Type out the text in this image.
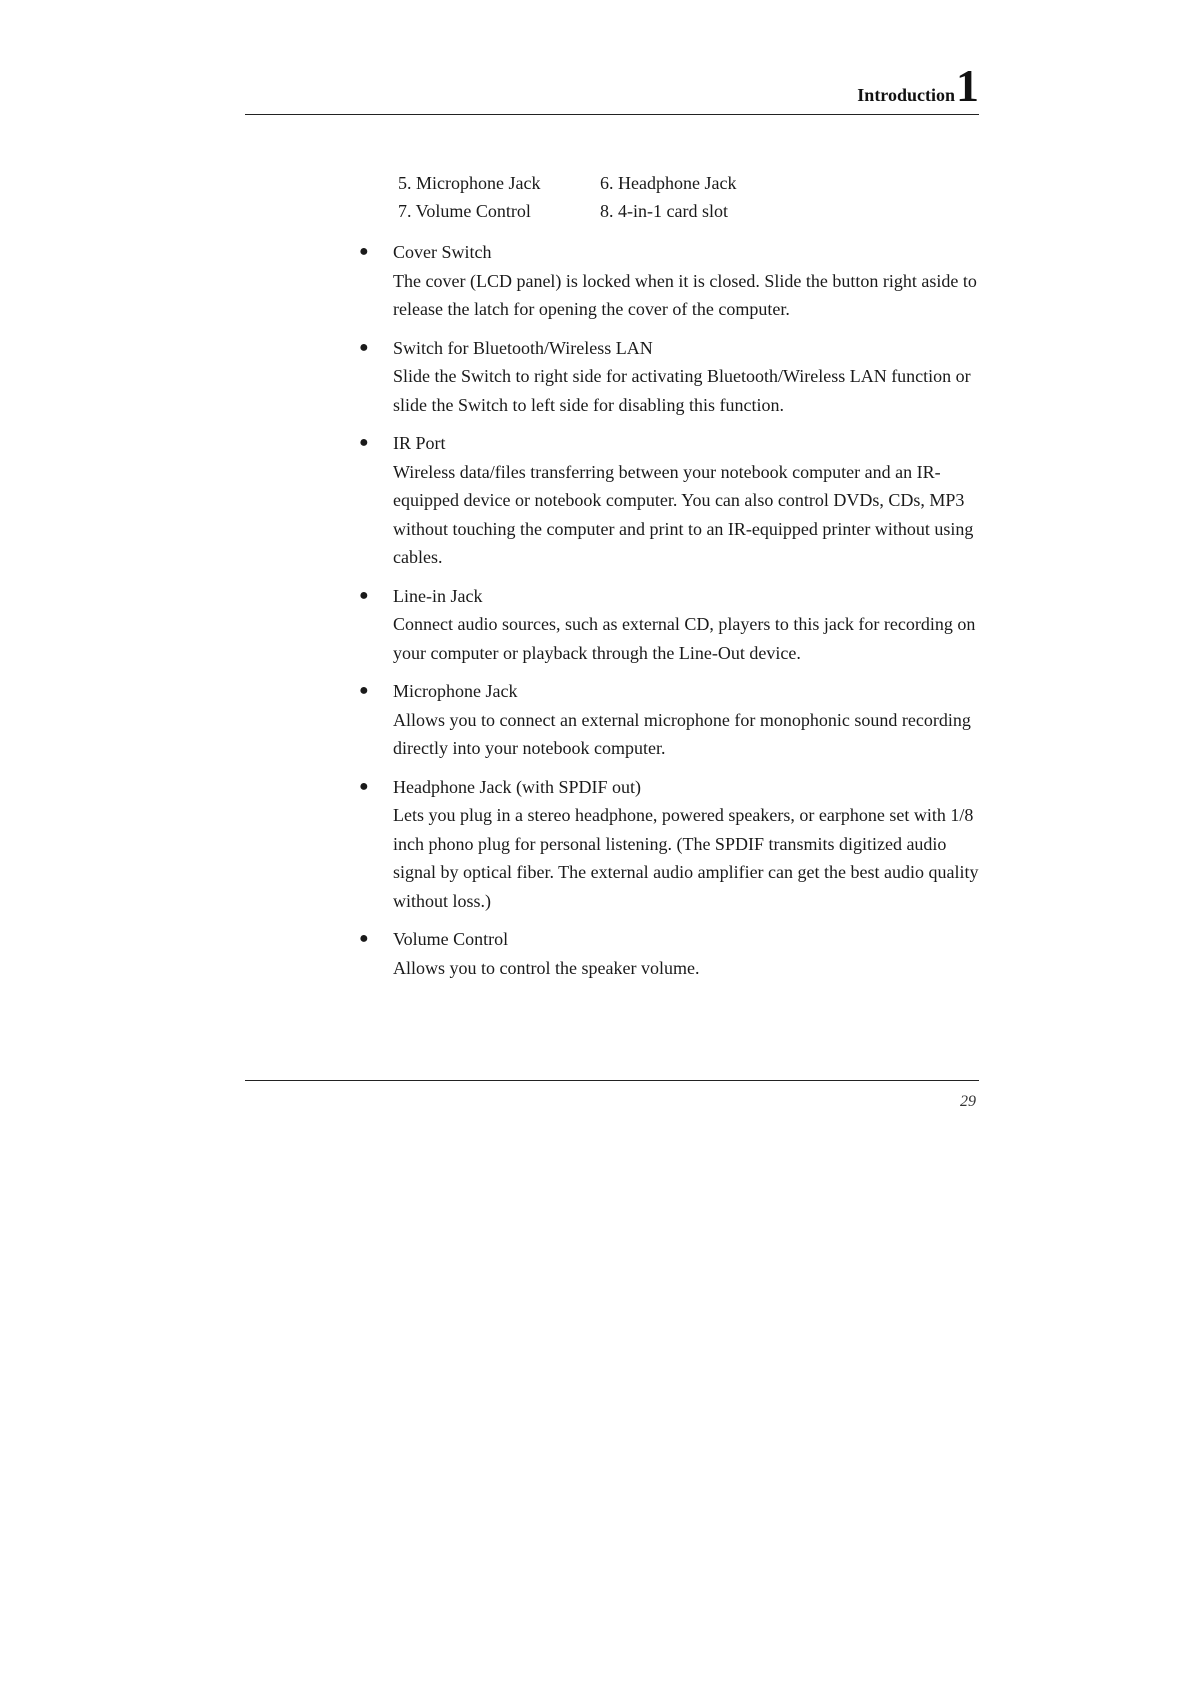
Introduction1
5. Microphone Jack	6. Headphone Jack
7. Volume Control	8. 4-in-1 card slot
● Cover Switch
The cover (LCD panel) is locked when it is closed. Slide the button right aside to release the latch for opening the cover of the computer.
● Switch for Bluetooth/Wireless LAN
Slide the Switch to right side for activating Bluetooth/Wireless LAN function or slide the Switch to left side for disabling this function.
● IR Port
Wireless data/files transferring between your notebook computer and an IR-equipped device or notebook computer. You can also control DVDs, CDs, MP3 without touching the computer and print to an IR-equipped printer without using cables.
● Line-in Jack
Connect audio sources, such as external CD, players to this jack for recording on your computer or playback through the Line-Out device.
● Microphone Jack
Allows you to connect an external microphone for monophonic sound recording directly into your notebook computer.
● Headphone Jack (with SPDIF out)
Lets you plug in a stereo headphone, powered speakers, or earphone set with 1/8 inch phono plug for personal listening. (The SPDIF transmits digitized audio signal by optical fiber. The external audio amplifier can get the best audio quality without loss.)
● Volume Control
Allows you to control the speaker volume.
29
